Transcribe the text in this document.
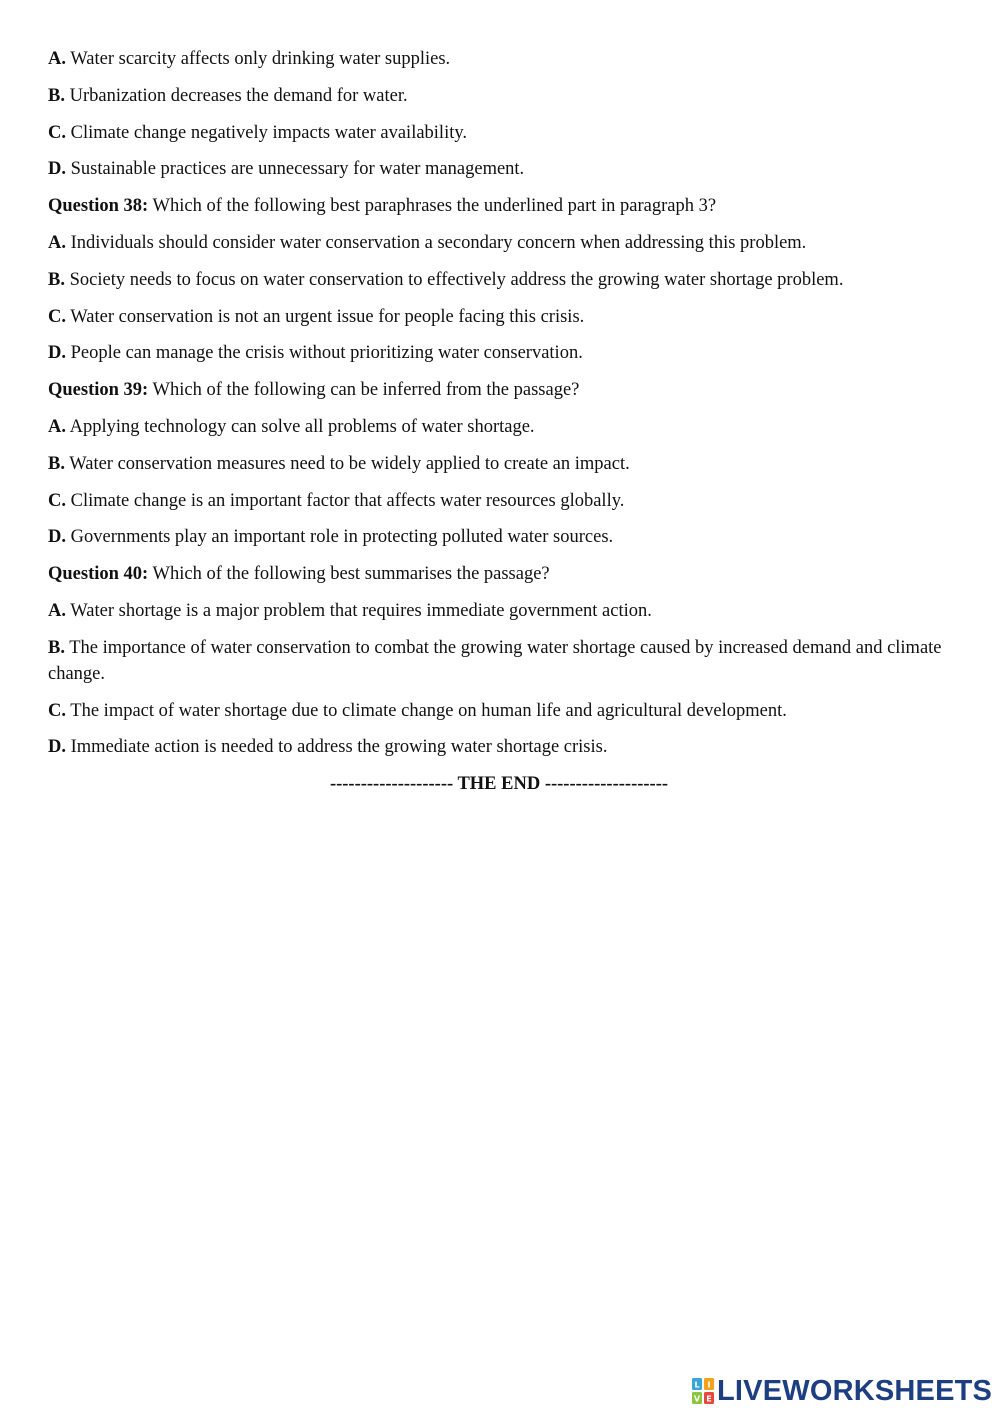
A. Water scarcity affects only drinking water supplies.
B. Urbanization decreases the demand for water.
C. Climate change negatively impacts water availability.
D. Sustainable practices are unnecessary for water management.
Question 38: Which of the following best paraphrases the underlined part in paragraph 3?
A. Individuals should consider water conservation a secondary concern when addressing this problem.
B. Society needs to focus on water conservation to effectively address the growing water shortage problem.
C. Water conservation is not an urgent issue for people facing this crisis.
D. People can manage the crisis without prioritizing water conservation.
Question 39: Which of the following can be inferred from the passage?
A. Applying technology can solve all problems of water shortage.
B. Water conservation measures need to be widely applied to create an impact.
C. Climate change is an important factor that affects water resources globally.
D. Governments play an important role in protecting polluted water sources.
Question 40: Which of the following best summarises the passage?
A. Water shortage is a major problem that requires immediate government action.
B. The importance of water conservation to combat the growing water shortage caused by increased demand and climate change.
C. The impact of water shortage due to climate change on human life and agricultural development.
D. Immediate action is needed to address the growing water shortage crisis.
-------------------- THE END --------------------
L I
V E LIVEWORKSHEETS
